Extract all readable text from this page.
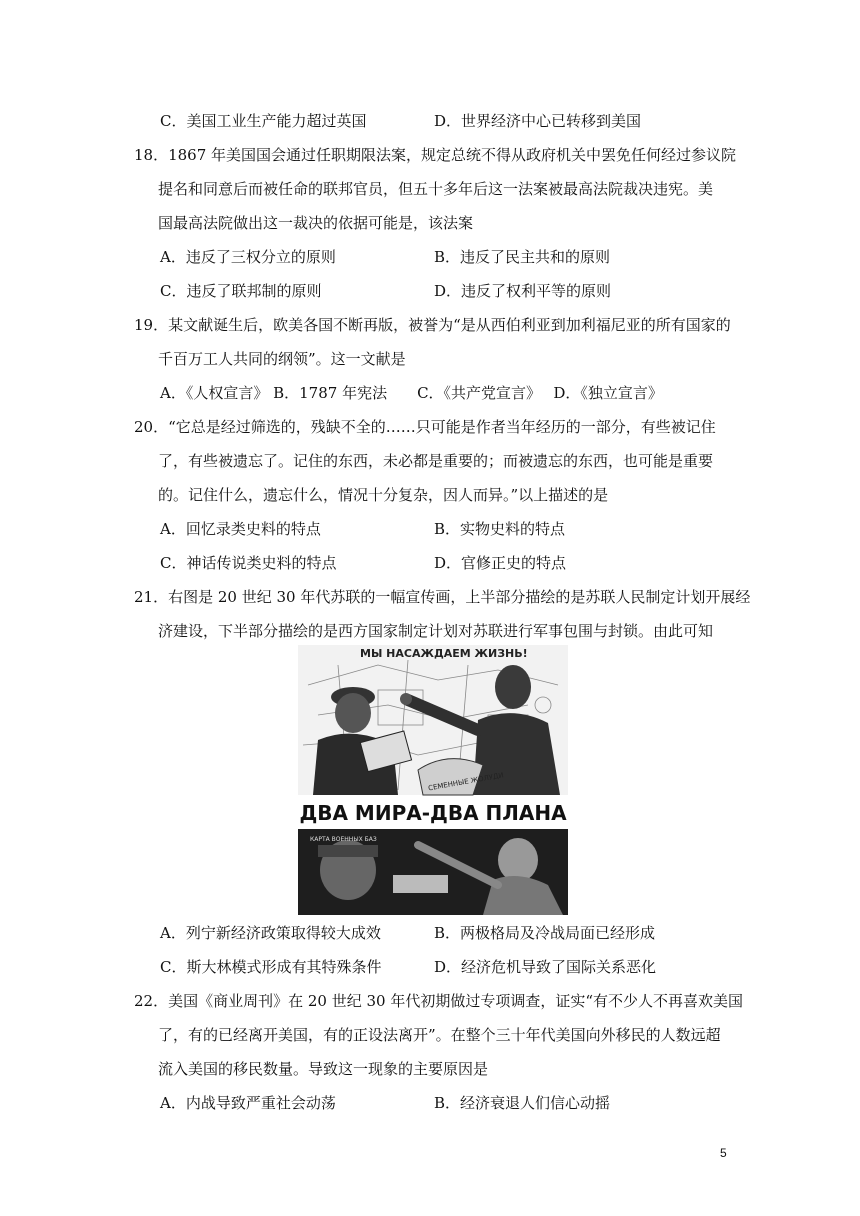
C．美国工业生产能力超过英国	D．世界经济中心已转移到美国
18．1867 年美国国会通过任职期限法案，规定总统不得从政府机关中罢免任何经过参议院
提名和同意后而被任命的联邦官员，但五十多年后这一法案被最高法院裁决违宪。美
国最高法院做出这一裁决的依据可能是，该法案
A．违反了三权分立的原则	B．违反了民主共和的原则
C．违反了联邦制的原则	D．违反了权利平等的原则
19．某文献诞生后，欧美各国不断再版，被誉为“是从西伯利亚到加利福尼亚的所有国家的
千百万工人共同的纲领”。这一文献是
A．《人权宣言》 B．1787 年宪法　　C．《共产党宣言》　 D．《独立宣言》
20．“它总是经过筛选的，残缺不全的……只可能是作者当年经历的一部分，有些被记住
了，有些被遗忘了。记住的东西，未必都是重要的；而被遗忘的东西，也可能是重要
的。记住什么，遗忘什么，情况十分复杂，因人而异。”以上描述的是
A．回忆录类史料的特点	B．实物史料的特点
C．神话传说类史料的特点	D．官修正史的特点
21．右图是 20 世纪 30 年代苏联的一幅宣传画，上半部分描绘的是苏联人民制定计划开展经
济建设，下半部分描绘的是西方国家制定计划对苏联进行军事包围与封锁。由此可知
МЫ НАСАЖДАЕМ ЖИЗНЬ!
СЕМЕННЫЕ ЖОЛУДИ
ДВА МИРА-ДВА ПЛАНА
КАРТА ВОЕННЫХ БАЗ
A．列宁新经济政策取得较大成效	B．两极格局及冷战局面已经形成
C．斯大林模式形成有其特殊条件	D．经济危机导致了国际关系恶化
22．美国《商业周刊》在 20 世纪 30 年代初期做过专项调查，证实“有不少人不再喜欢美国
了，有的已经离开美国，有的正设法离开”。在整个三十年代美国向外移民的人数远超
流入美国的移民数量。导致这一现象的主要原因是
A．内战导致严重社会动荡	B．经济衰退人们信心动摇
5
